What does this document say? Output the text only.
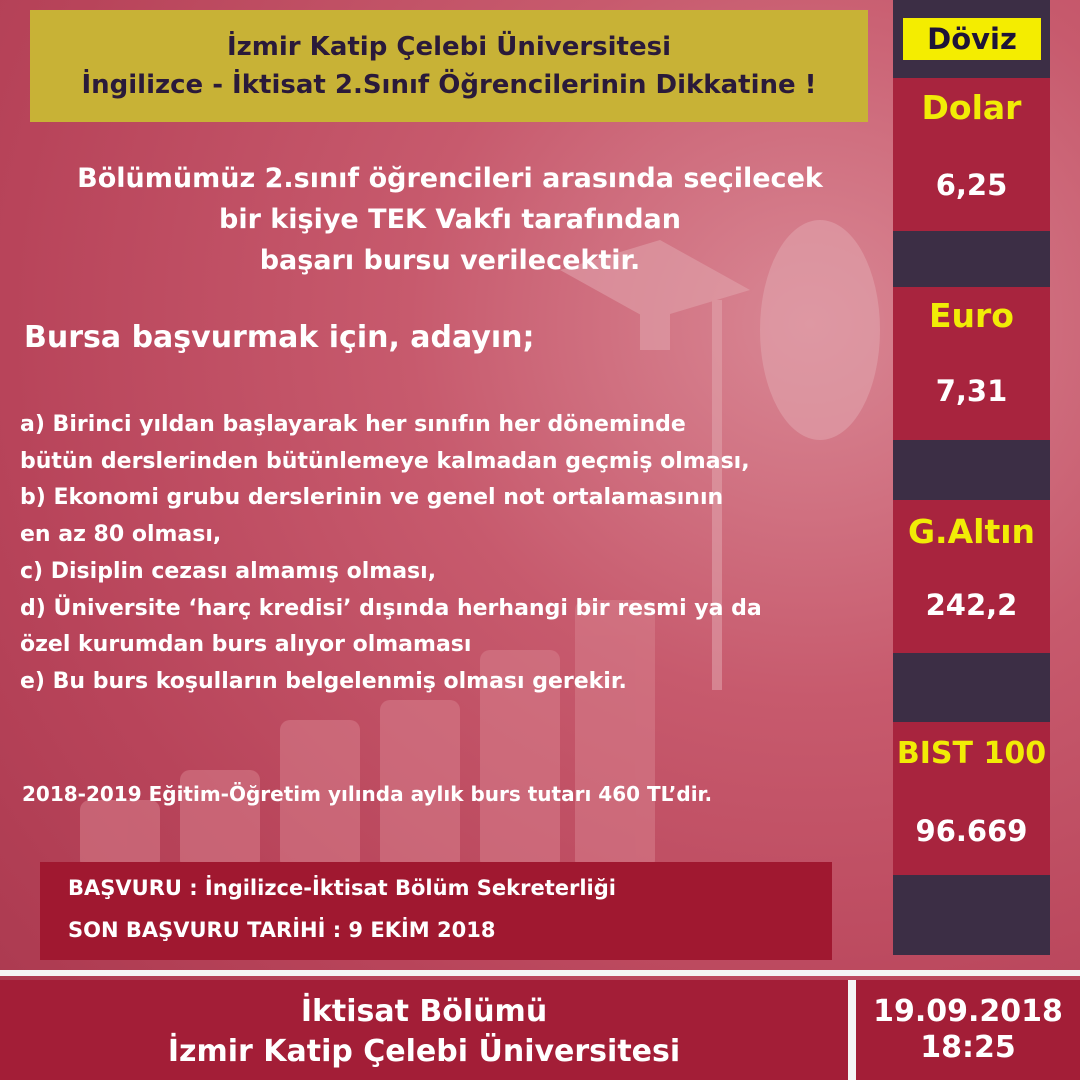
İzmir Katip Çelebi Üniversitesi
İngilizce - İktisat 2.Sınıf Öğrencilerinin Dikkatine !
Bölümümüz 2.sınıf öğrencileri arasında seçilecek
bir kişiye TEK Vakfı tarafından
başarı bursu verilecektir.
Bursa başvurmak için, adayın;
a) Birinci yıldan başlayarak her sınıfın her döneminde
bütün derslerinden bütünlemeye kalmadan geçmiş olması,
b) Ekonomi grubu derslerinin ve genel not ortalamasının
en az 80 olması,
c) Disiplin cezası almamış olması,
d) Üniversite ‘harç kredisi’ dışında herhangi bir resmi ya da
özel kurumdan burs alıyor olmaması
e) Bu burs koşulların belgelenmiş olması gerekir.
2018-2019 Eğitim-Öğretim yılında aylık burs tutarı 460 TL’dir.
BAŞVURU : İngilizce-İktisat Bölüm Sekreterliği
SON BAŞVURU TARİHİ : 9 EKİM 2018
Döviz
Dolar
6,25
Euro
7,31
G.Altın
242,2
BIST 100
96.669
İktisat Bölümü
İzmir Katip Çelebi Üniversitesi
19.09.2018
18:25
